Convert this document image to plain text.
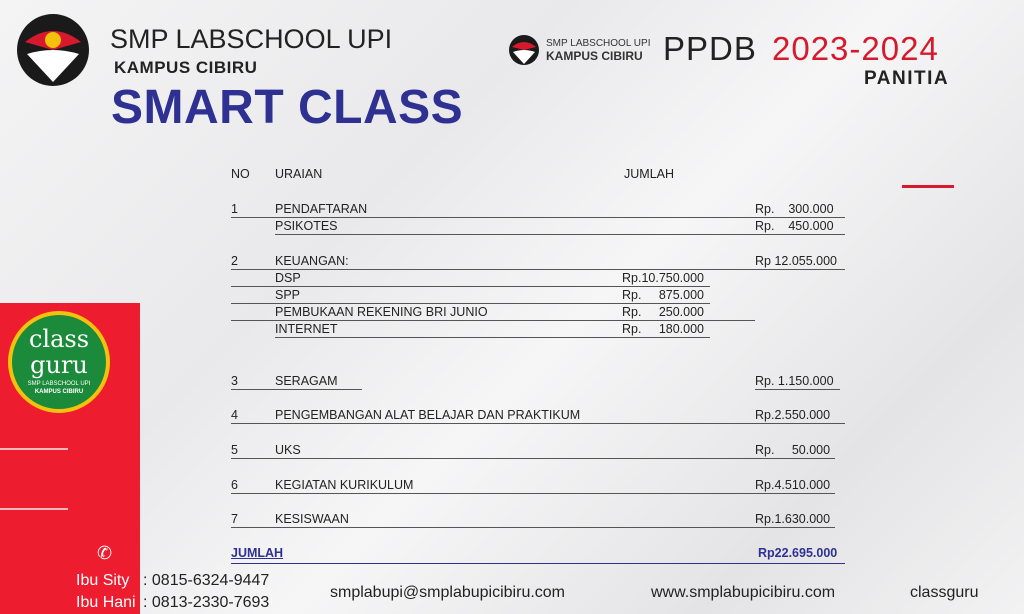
SMP LABSCHOOL UPI
KAMPUS CIBIRU
SMART CLASS
SMP LABSCHOOL UPI
KAMPUS CIBIRU PPDB 2023-2024
PANITIA
class
guru
SMP LABSCHOOL UPI
KAMPUS CIBIRU
NO URAIAN	JUMLAH
1	PENDAFTARAN	Rp.    300.000
PSIKOTES	Rp.    450.000
2	KEUANGAN:	Rp 12.055.000
DSP	Rp.10.750.000
SPP	Rp.     875.000
PEMBUKAAN REKENING BRI JUNIO	Rp.     250.000
INTERNET	Rp.     180.000
3	SERAGAM	Rp. 1.150.000
4	PENGEMBANGAN ALAT BELAJAR DAN PRAKTIKUM	Rp.2.550.000
5	UKS	Rp.     50.000
6	KEGIATAN KURIKULUM	Rp.4.510.000
7	KESISWAAN	Rp.1.630.000
JUMLAH	Rp22.695.000
✆
Ibu Sity : 0815-6324-9447
Ibu Hani : 0813-2330-7693
smplabupi@smplabupicibiru.com	www.smplabupicibiru.com	classguru
